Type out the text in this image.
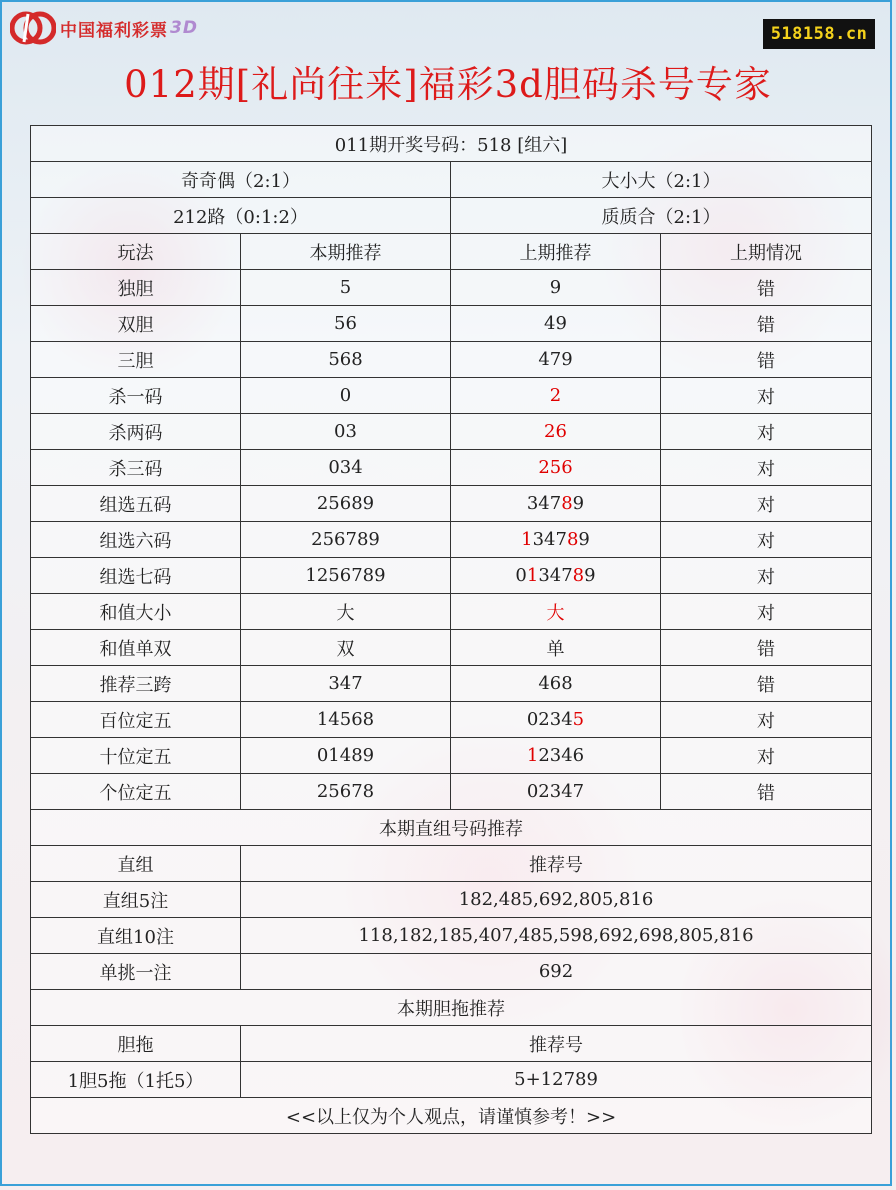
中国福利彩票 3D	518158.cn
012期[礼尚往来]福彩3d胆码杀号专家
011期开奖号码：518 [组六]			
奇奇偶（2:1）		大小大（2:1）	
212路（0:1:2）		质质合（2:1）	
玩法	本期推荐	上期推荐	上期情况
独胆	5	9	错
双胆	56	49	错
三胆	568	479	错
杀一码	0	2	对
杀两码	03	26	对
杀三码	034	256	对
组选五码	25689	34789	对
组选六码	256789	134789	对
组选七码	1256789	0134789	对
和值大小	大	大	对
和值单双	双	单	错
推荐三跨	347	468	错
百位定五	14568	02345	对
十位定五	01489	12346	对
个位定五	25678	02347	错
本期直组号码推荐			
直组	推荐号		
直组5注	182,485,692,805,816		
直组10注	118,182,185,407,485,598,692,698,805,816		
单挑一注	692		
本期胆拖推荐			
胆拖	推荐号		
1胆5拖（1托5）	5+12789		
<<以上仅为个人观点，请谨慎参考！>>			
